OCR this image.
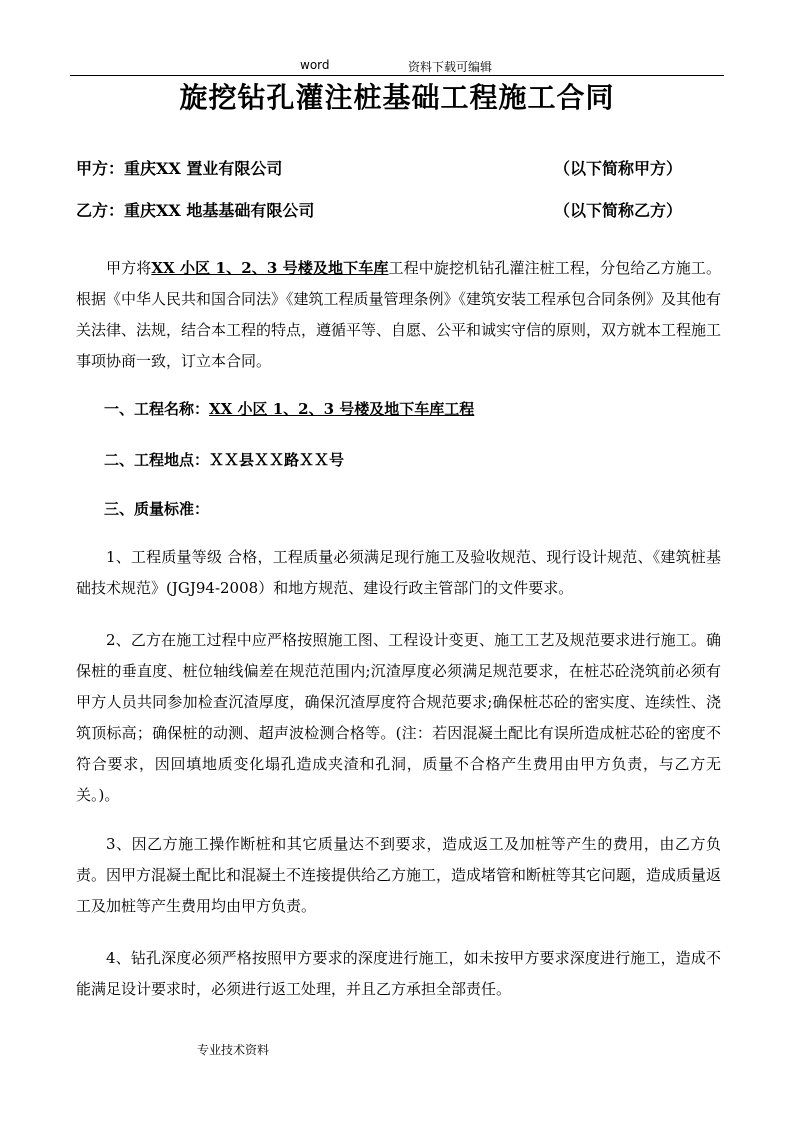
word	资料下载可编辑
旋挖钻孔灌注桩基础工程施工合同
甲方：重庆XX 置业有限公司	（以下简称甲方）
乙方：重庆XX 地基基础有限公司	（以下简称乙方）
甲方将XX 小区 1、2、3 号楼及地下车库工程中旋挖机钻孔灌注桩工程，分包给乙方施工。根据《中华人民共和国合同法》《建筑工程质量管理条例》《建筑安装工程承包合同条例》及其他有关法律、法规，结合本工程的特点，遵循平等、自愿、公平和诚实守信的原则，双方就本工程施工事项协商一致，订立本合同。
一、工程名称：XX 小区 1、2、3 号楼及地下车库工程
二、工程地点：ＸＸ县ＸＸ路ＸＸ号
三、质量标准：
1、工程质量等级 合格，工程质量必须满足现行施工及验收规范、现行设计规范、《建筑桩基础技术规范》(JGJ94-2008）和地方规范、建设行政主管部门的文件要求。
2、乙方在施工过程中应严格按照施工图、工程设计变更、施工工艺及规范要求进行施工。确保桩的垂直度、桩位轴线偏差在规范范围内;沉渣厚度必须满足规范要求，在桩芯砼浇筑前必须有甲方人员共同参加检查沉渣厚度，确保沉渣厚度符合规范要求;确保桩芯砼的密实度、连续性、浇筑顶标高；确保桩的动测、超声波检测合格等。(注：若因混凝土配比有误所造成桩芯砼的密度不符合要求，因回填地质变化塌孔造成夹渣和孔洞，质量不合格产生费用由甲方负责，与乙方无关。)。
3、因乙方施工操作断桩和其它质量达不到要求，造成返工及加桩等产生的费用，由乙方负责。因甲方混凝土配比和混凝土不连接提供给乙方施工，造成堵管和断桩等其它问题，造成质量返工及加桩等产生费用均由甲方负责。
4、钻孔深度必须严格按照甲方要求的深度进行施工，如未按甲方要求深度进行施工，造成不能满足设计要求时，必须进行返工处理，并且乙方承担全部责任。
专业技术资料
